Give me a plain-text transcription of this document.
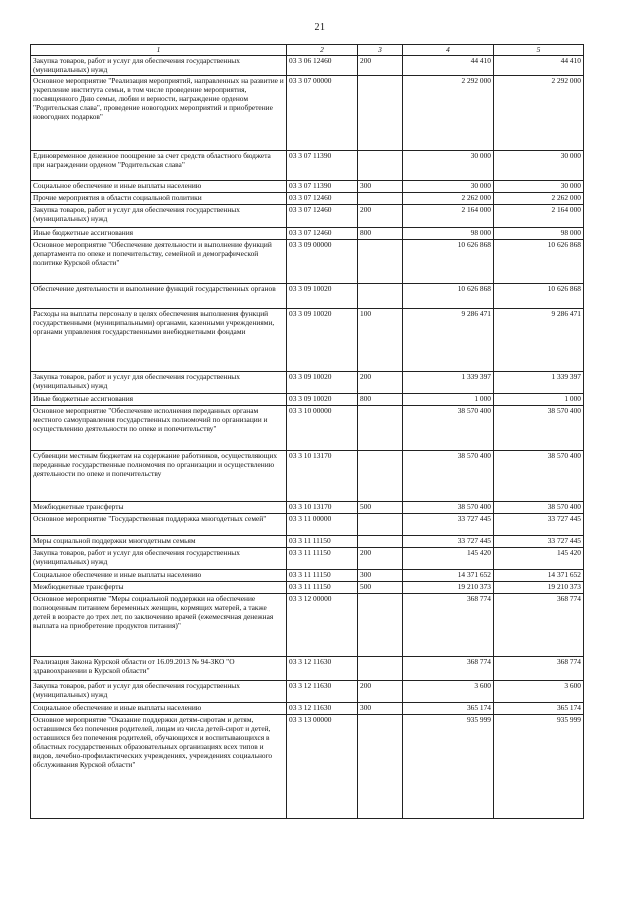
21
1	2	3	4	5
Закупка товаров, работ и услуг для обеспечения государственных (муниципальных) нужд	03 3 06 12460	200	44 410	44 410
Основное мероприятие "Реализация мероприятий, направленных на развитие и укрепление института семьи, в том числе проведение мероприятия, посвященного Дню семьи, любви и верности, награждение орденом "Родительская слава", проведение новогодних мероприятий и приобретение новогодних подарков"	03 3 07 00000		2 292 000	2 292 000
Единовременное денежное поощрение за счет средств областного бюджета при награждении орденом "Родительская слава"	03 3 07 11390		30 000	30 000
Социальное обеспечение и иные выплаты населению	03 3 07 11390	300	30 000	30 000
Прочие мероприятия в области социальной политики	03 3 07 12460		2 262 000	2 262 000
Закупка товаров, работ и услуг для обеспечения государственных (муниципальных) нужд	03 3 07 12460	200	2 164 000	2 164 000
Иные бюджетные ассигнования	03 3 07 12460	800	98 000	98 000
Основное мероприятие "Обеспечение деятельности и выполнение функций департамента по опеке и попечительству, семейной и демографической политике Курской области"	03 3 09 00000		10 626 868	10 626 868
Обеспечение деятельности и выполнение функций государственных органов	03 3 09 10020		10 626 868	10 626 868
Расходы на выплаты персоналу в целях обеспечения выполнения функций государственными (муниципальными) органами, казенными учреждениями, органами управления государственными внебюджетными фондами	03 3 09 10020	100	9 286 471	9 286 471
Закупка товаров, работ и услуг для обеспечения государственных (муниципальных) нужд	03 3 09 10020	200	1 339 397	1 339 397
Иные бюджетные ассигнования	03 3 09 10020	800	1 000	1 000
Основное мероприятие "Обеспечение исполнения переданных органам местного самоуправления государственных полномочий по организации и осуществлению деятельности по опеке и попечительству"	03 3 10 00000		38 570 400	38 570 400
Субвенции местным бюджетам на содержание работников, осуществляющих переданные государственные полномочия по организации и осуществлению деятельности по опеке и попечительству	03 3 10 13170		38 570 400	38 570 400
Межбюджетные трансферты	03 3 10 13170	500	38 570 400	38 570 400
Основное мероприятие "Государственная поддержка многодетных семей"	03 3 11 00000		33 727 445	33 727 445
Меры социальной поддержки многодетным семьям	03 3 11 11150		33 727 445	33 727 445
Закупка товаров, работ и услуг для обеспечения государственных (муниципальных) нужд	03 3 11 11150	200	145 420	145 420
Социальное обеспечение и иные выплаты населению	03 3 11 11150	300	14 371 652	14 371 652
Межбюджетные трансферты	03 3 11 11150	500	19 210 373	19 210 373
Основное мероприятие "Меры социальной поддержки на обеспечение полноценным питанием беременных женщин, кормящих матерей, а также детей в возрасте до трех лет, по заключению врачей (ежемесячная денежная выплата на приобретение продуктов питания)"	03 3 12 00000		368 774	368 774
Реализация Закона Курской области от 16.09.2013 № 94-ЗКО "О здравоохранении в Курской области"	03 3 12 11630		368 774	368 774
Закупка товаров, работ и услуг для обеспечения государственных (муниципальных) нужд	03 3 12 11630	200	3 600	3 600
Социальное обеспечение и иные выплаты населению	03 3 12 11630	300	365 174	365 174
Основное мероприятие "Оказание поддержки детям-сиротам и детям, оставшимся без попечения родителей, лицам из числа детей-сирот и детей, оставшихся без попечения родителей, обучающихся и воспитывающихся в областных государственных образовательных организациях всех типов и видов, лечебно-профилактических учреждениях, учреждениях социального обслуживания Курской области"	03 3 13 00000		935 999	935 999
